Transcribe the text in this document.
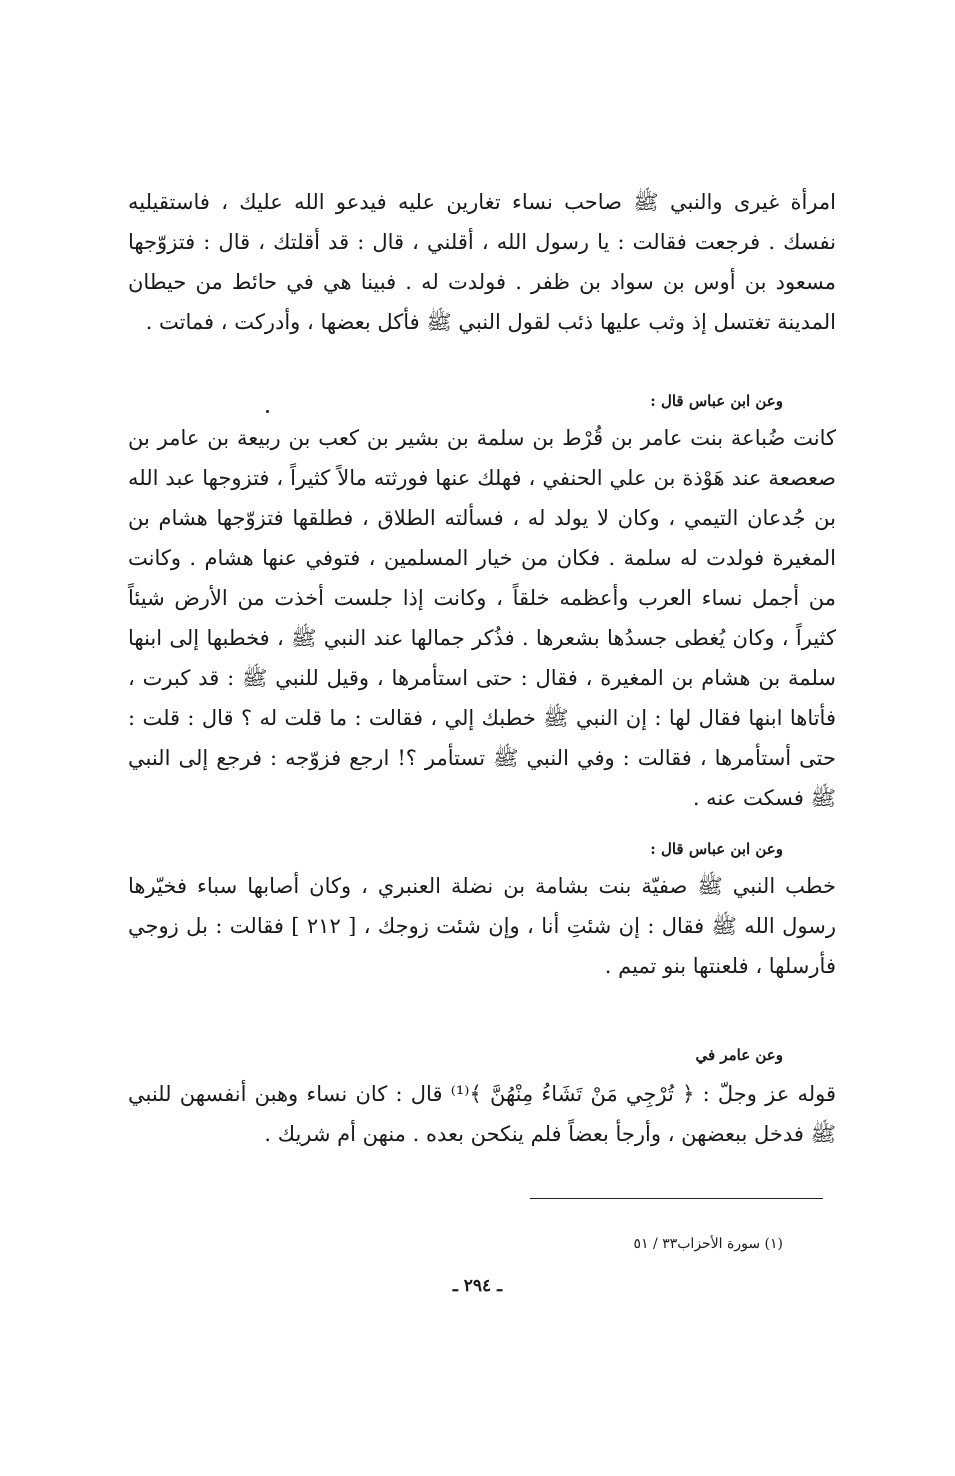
امرأة غيرى والنبي ﷺ صاحب نساء تغارين عليه فيدعو الله عليك ، فاستقيليه نفسك . فرجعت فقالت : يا رسول الله ، أقلني ، قال : قد أقلتك ، قال : فتزوّجها مسعود بن أوس بن سواد بن ظفر . فولدت له . فبينا هي في حائط من حيطان المدينة تغتسل إذ وثب عليها ذئب لقول النبي ﷺ فأكل بعضها ، وأدركت ، فماتت .

وعن ابن عباس قال :

كانت ضُباعة بنت عامر بن قُرْط بن سلمة بن بشير بن كعب بن ربيعة بن عامر بن صعصعة عند هَوْذة بن علي الحنفي ، فهلك عنها فورثته مالاً كثيراً ، فتزوجها عبد الله بن جُدعان التيمي ، وكان لا يولد له ، فسألته الطلاق ، فطلقها فتزوّجها هشام بن المغيرة فولدت له سلمة . فكان من خيار المسلمين ، فتوفي عنها هشام . وكانت من أجمل نساء العرب وأعظمه خلقاً ، وكانت إذا جلست أخذت من الأرض شيئاً كثيراً ، وكان يُغطى جسدُها بشعرها . فذُكر جمالها عند النبي ﷺ ، فخطبها إلى ابنها سلمة بن هشام بن المغيرة ، فقال : حتى استأمرها ، وقيل للنبي ﷺ : قد كبرت ، فأتاها ابنها فقال لها : إن النبي ﷺ خطبك إلي ، فقالت : ما قلت له ؟ قال : قلت : حتى أستأمرها ، فقالت : وفي النبي ﷺ تستأمر ؟! ارجع فزوّجه : فرجع إلى النبي ﷺ فسكت عنه .

وعن ابن عباس قال :

خطب النبي ﷺ صفيّة بنت بشامة بن نضلة العنبري ، وكان أصابها سباء فخيّرها رسول الله ﷺ فقال : إن شئتِ أنا ، وإن شئت زوجك ، [ ٢١٢ ] فقالت : بل زوجي فأرسلها ، فلعنتها بنو تميم .

وعن عامر في

قوله عز وجلّ : ﴿ تُرْجِي مَنْ تَشَاءُ مِنْهُنَّ ﴾⁽¹⁾ قال : كان نساء وهبن أنفسهن للنبي ﷺ فدخل ببعضهن ، وأرجأ بعضاً فلم ينكحن بعده . منهن أم شريك .

(١) سورة الأحزاب٣٣ / ٥١

ـ ٢٩٤ ـ
